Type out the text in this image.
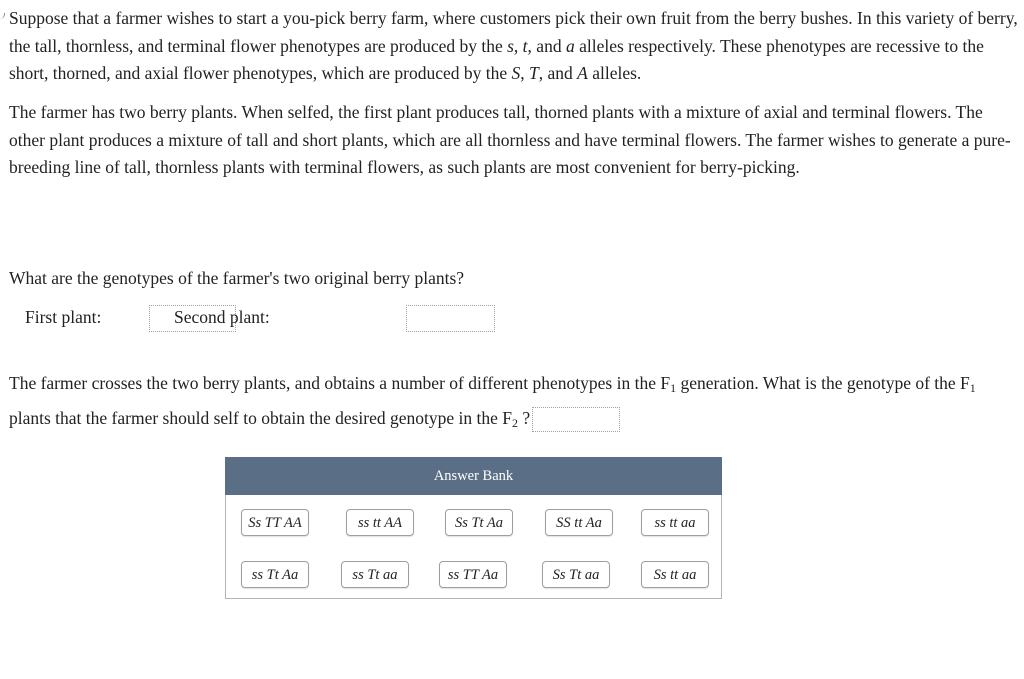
Suppose that a farmer wishes to start a you-pick berry farm, where customers pick their own fruit from the berry bushes. In this variety of berry, the tall, thornless, and terminal flower phenotypes are produced by the s, t, and a alleles respectively. These phenotypes are recessive to the short, thorned, and axial flower phenotypes, which are produced by the S, T, and A alleles.

The farmer has two berry plants. When selfed, the first plant produces tall, thorned plants with a mixture of axial and terminal flowers. The other plant produces a mixture of tall and short plants, which are all thornless and have terminal flowers. The farmer wishes to generate a pure-breeding line of tall, thornless plants with terminal flowers, as such plants are most convenient for berry-picking.

What are the genotypes of the farmer's two original berry plants?
First plant:	Second plant:

The farmer crosses the two berry plants, and obtains a number of different phenotypes in the $F_1$ generation. What is the genotype of the $F_1$ plants that the farmer should self to obtain the desired genotype in the $F_2$ ?

Answer Bank
Ss TT AA	ss tt AA	Ss Tt Aa	SS tt Aa	ss tt aa
ss Tt Aa	ss Tt aa	ss TT Aa	Ss Tt aa	Ss tt aa
